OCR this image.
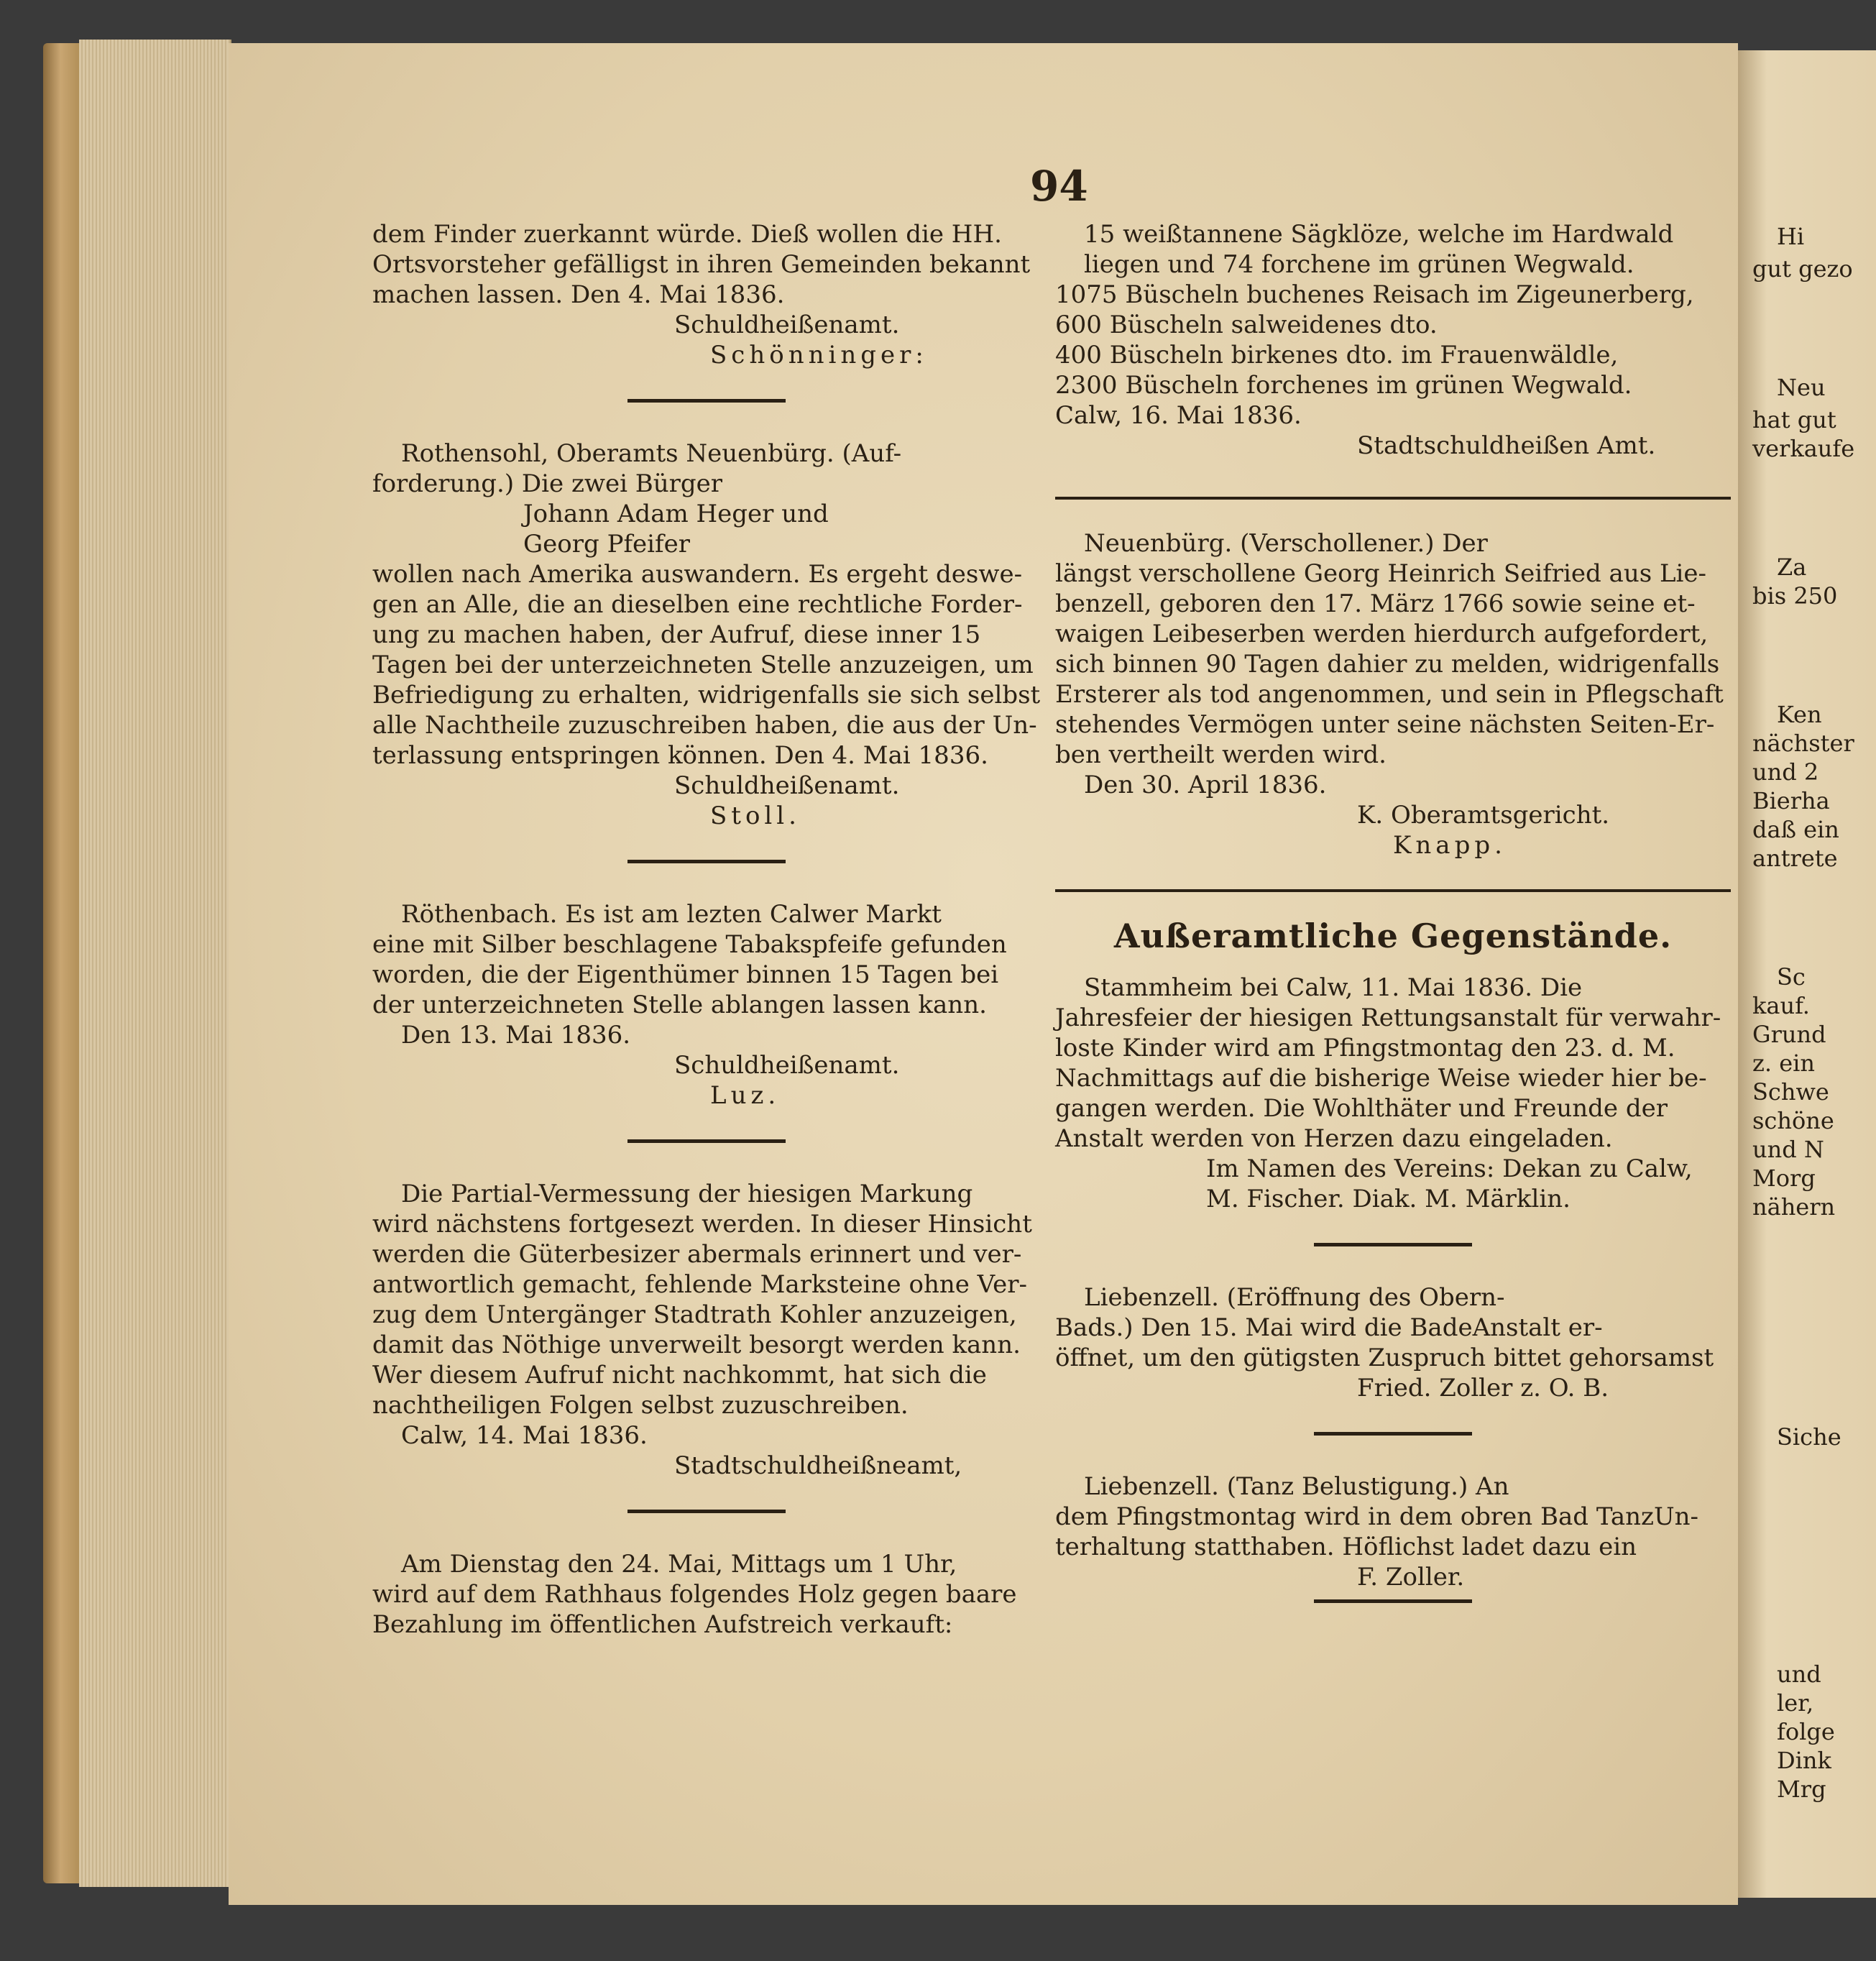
94
dem Finder zuerkannt würde. Dieß wollen die HH.
Ortsvorsteher gefälligst in ihren Gemeinden bekannt
machen lassen. Den 4. Mai 1836.
Schuldheißenamt.
Schönninger:
Rothensohl, Oberamts Neuenbürg. (Auf-
forderung.) Die zwei Bürger
Johann Adam Heger und
Georg Pfeifer
wollen nach Amerika auswandern. Es ergeht deswe-
gen an Alle, die an dieselben eine rechtliche Forder-
ung zu machen haben, der Aufruf, diese inner 15
Tagen bei der unterzeichneten Stelle anzuzeigen, um
Befriedigung zu erhalten, widrigenfalls sie sich selbst
alle Nachtheile zuzuschreiben haben, die aus der Un-
terlassung entspringen können. Den 4. Mai 1836.
Schuldheißenamt.
Stoll.
Röthenbach. Es ist am lezten Calwer Markt
eine mit Silber beschlagene Tabakspfeife gefunden
worden, die der Eigenthümer binnen 15 Tagen bei
der unterzeichneten Stelle ablangen lassen kann.
Den 13. Mai 1836.
Schuldheißenamt.
Luz.
Die Partial-Vermessung der hiesigen Markung
wird nächstens fortgesezt werden. In dieser Hinsicht
werden die Güterbesizer abermals erinnert und ver-
antwortlich gemacht, fehlende Marksteine ohne Ver-
zug dem Untergänger Stadtrath Kohler anzuzeigen,
damit das Nöthige unverweilt besorgt werden kann.
Wer diesem Aufruf nicht nachkommt, hat sich die
nachtheiligen Folgen selbst zuzuschreiben.
Calw, 14. Mai 1836.
Stadtschuldheißneamt,
Am Dienstag den 24. Mai, Mittags um 1 Uhr,
wird auf dem Rathhaus folgendes Holz gegen baare
Bezahlung im öffentlichen Aufstreich verkauft:
15 weißtannene Sägklöze, welche im Hardwald
liegen und 74 forchene im grünen Wegwald.
1075 Büscheln buchenes Reisach im Zigeunerberg,
600 Büscheln salweidenes dto.
400 Büscheln birkenes dto. im Frauenwäldle,
2300 Büscheln forchenes im grünen Wegwald.
Calw, 16. Mai 1836.
Stadtschuldheißen Amt.
Neuenbürg. (Verschollener.) Der
längst verschollene Georg Heinrich Seifried aus Lie-
benzell, geboren den 17. März 1766 sowie seine et-
waigen Leibeserben werden hierdurch aufgefordert,
sich binnen 90 Tagen dahier zu melden, widrigenfalls
Ersterer als tod angenommen, und sein in Pflegschaft
stehendes Vermögen unter seine nächsten Seiten-Er-
ben vertheilt werden wird.
Den 30. April 1836.
K. Oberamtsgericht.
Knapp.
Außeramtliche Gegenstände.
Stammheim bei Calw, 11. Mai 1836. Die
Jahresfeier der hiesigen Rettungsanstalt für verwahr-
loste Kinder wird am Pfingstmontag den 23. d. M.
Nachmittags auf die bisherige Weise wieder hier be-
gangen werden. Die Wohlthäter und Freunde der
Anstalt werden von Herzen dazu eingeladen.
Im Namen des Vereins: Dekan zu Calw,
M. Fischer. Diak. M. Märklin.
Liebenzell. (Eröffnung des Obern-
Bads.) Den 15. Mai wird die BadeAnstalt er-
öffnet, um den gütigsten Zuspruch bittet gehorsamst
Fried. Zoller z. O. B.
Liebenzell. (Tanz Belustigung.) An
dem Pfingstmontag wird in dem obren Bad TanzUn-
terhaltung statthaben. Höflichst ladet dazu ein
F. Zoller.
Hi
gut gezo
Neu
hat gut
verkaufe
Za
bis 250
Ken
nächster
und 2
Bierha
daß ein
antrete
Sc
kauf.
Grund
z. ein
Schwe
schöne
und N
Morg
nähern
Siche
und
ler,
folge
Dink
Mrg
